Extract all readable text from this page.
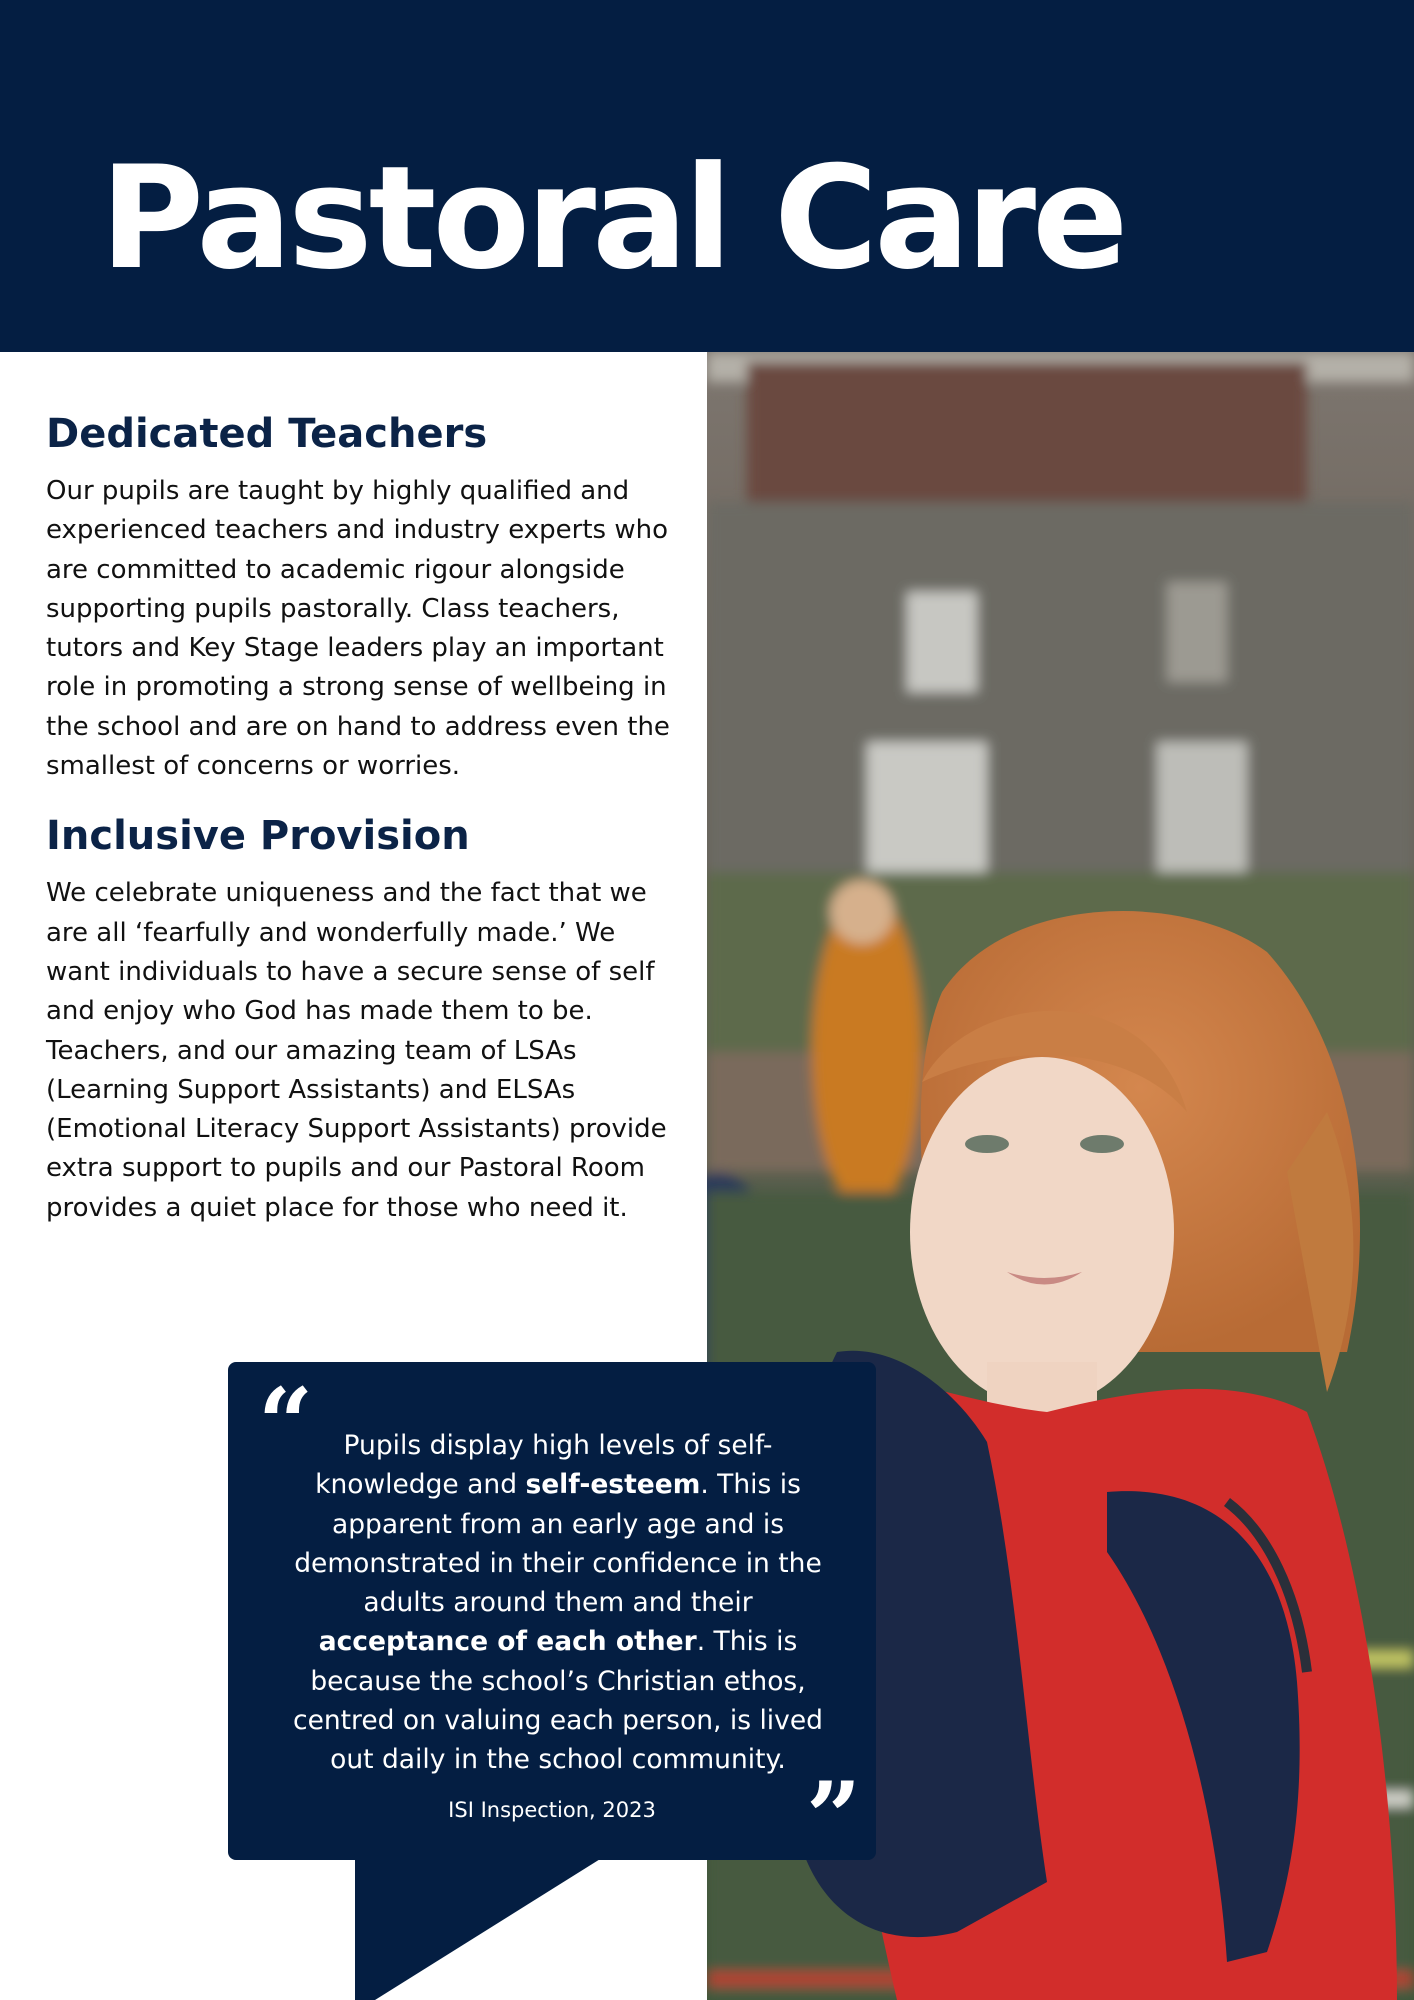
Pastoral Care
Dedicated Teachers

Our pupils are taught by highly qualified and experienced teachers and industry experts who are committed to academic rigour alongside supporting pupils pastorally. Class teachers, tutors and Key Stage leaders play an important role in promoting a strong sense of wellbeing in the school and are on hand to address even the smallest of concerns or worries.

Inclusive Provision

We celebrate uniqueness and the fact that we are all ‘fearfully and wonderfully made.’ We want individuals to have a secure sense of self and enjoy who God has made them to be. Teachers, and our amazing team of LSAs (Learning Support Assistants) and ELSAs (Emotional Literacy Support Assistants) provide extra support to pupils and our Pastoral Room provides a quiet place for those who need it.

“	Pupils display high levels of self-knowledge and self-esteem. This is apparent from an early age and is demonstrated in their confidence in the adults around them and their acceptance of each other. This is because the school’s Christian ethos, centred on valuing each person, is lived out daily in the school community.

ISI Inspection, 2023	”
